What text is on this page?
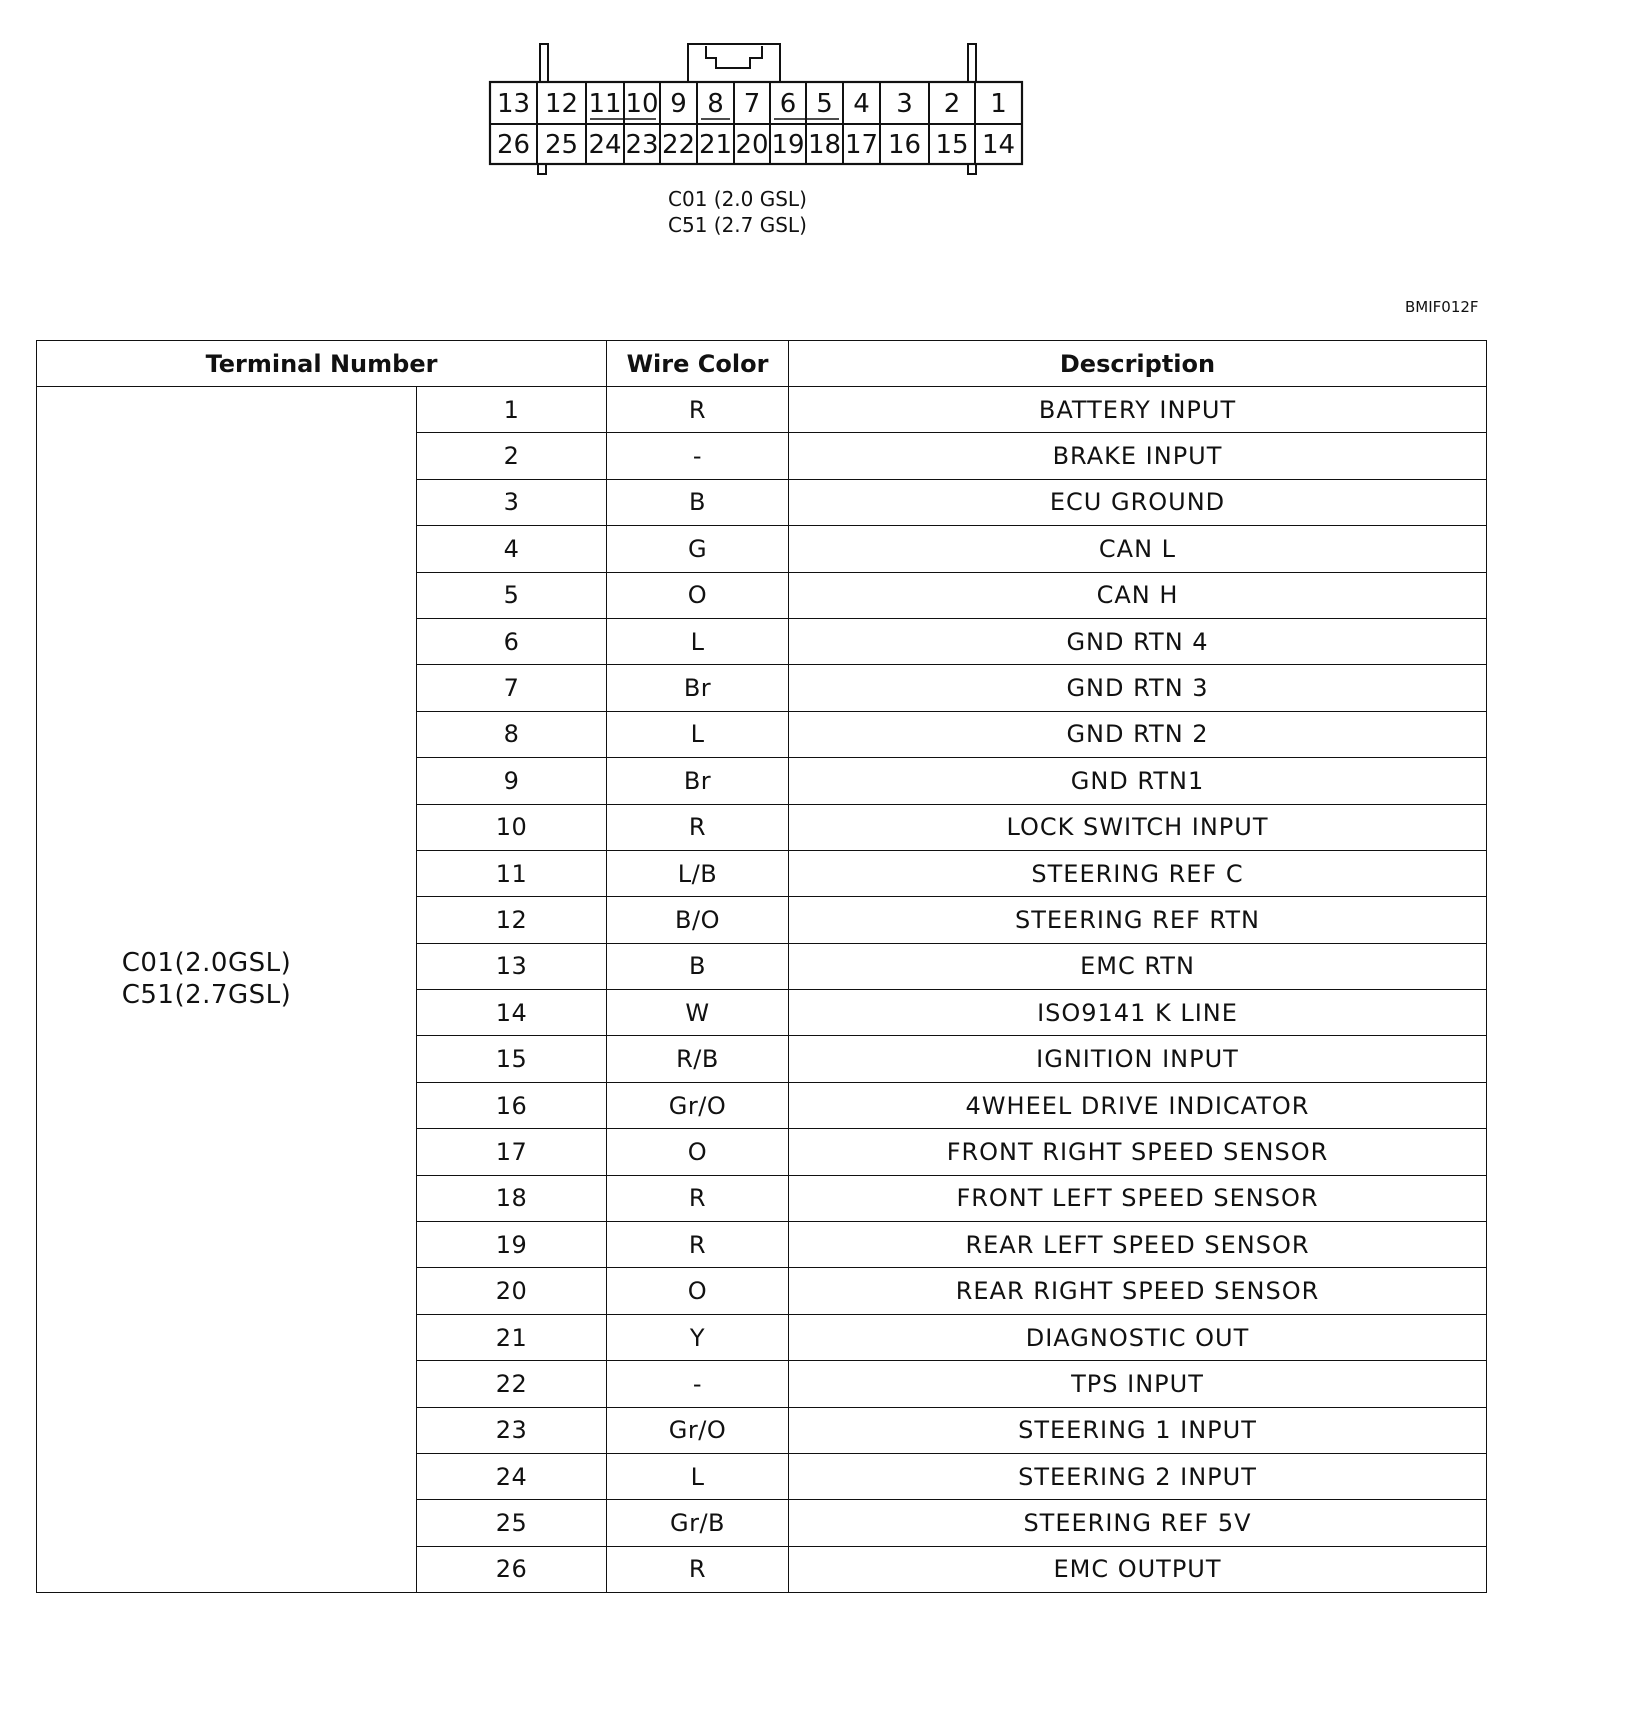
13 12 11 10 9 8 7 6 5 4 3 2 1
26 25 24 23 22 21 20 19 18 17 16 15 14
C01 (2.0 GSL)
C51 (2.7 GSL)
BMIF012F
Terminal Number		Wire Color	Description

C01(2.0GSL)
C51(2.7GSL)	1	R	BATTERY INPUT
	2	-	BRAKE INPUT
	3	B	ECU GROUND
	4	G	CAN L
	5	O	CAN H
	6	L	GND RTN 4
	7	Br	GND RTN 3
	8	L	GND RTN 2
	9	Br	GND RTN1
	10	R	LOCK SWITCH INPUT
	11	L/B	STEERING REF C
	12	B/O	STEERING REF RTN
	13	B	EMC RTN
	14	W	ISO9141 K LINE
	15	R/B	IGNITION INPUT
	16	Gr/O	4WHEEL DRIVE INDICATOR
	17	O	FRONT RIGHT SPEED SENSOR
	18	R	FRONT LEFT SPEED SENSOR
	19	R	REAR LEFT SPEED SENSOR
	20	O	REAR RIGHT SPEED SENSOR
	21	Y	DIAGNOSTIC OUT
	22	-	TPS INPUT
	23	Gr/O	STEERING 1 INPUT
	24	L	STEERING 2 INPUT
	25	Gr/B	STEERING REF 5V
	26	R	EMC OUTPUT
